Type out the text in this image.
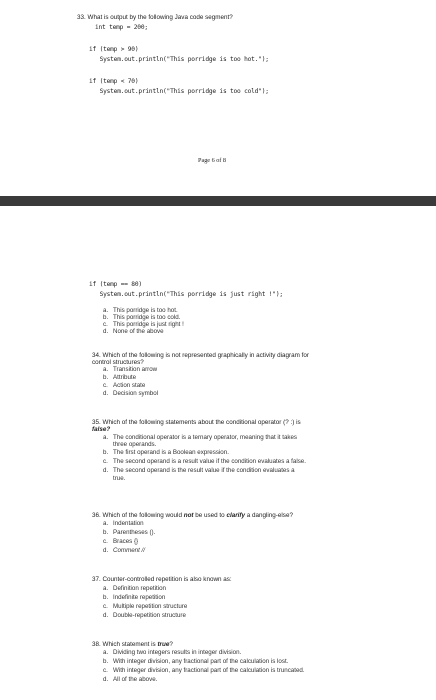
33. What is output by the following Java code segment?
int temp = 200;
if (temp > 90)
System.out.println("This porridge is too hot.");
if (temp < 70)
System.out.println("This porridge is too cold");
Page 6 of 8
if (temp == 80)
System.out.println("This porridge is just right !");
a. This porridge is too hot.
b. This porridge is too cold.
c. This porridge is just right !
d. None of the above
34. Which of the following is not represented graphically in activity diagram for
control structures?
a. Transition arrow
b. Attribute
c. Action state
d. Decision symbol
35. Which of the following statements about the conditional operator (? :) is
false?
a. The conditional operator is a ternary operator, meaning that it takes
three operands.
b. The first operand is a Boolean expression.
c. The second operand is a result value if the condition evaluates a false.
d. The second operand is the result value if the condition evaluates a
true.
36. Which of the following would not be used to clarify a dangling-else?
a. Indentation
b. Parentheses ().
c. Braces {}
d. Comment //
37. Counter-controlled repetition is also known as:
a. Definition repetition
b. Indefinite repetition
c. Multiple repetition structure
d. Double-repetition structure
38. Which statement is true?
a. Dividing two integers results in integer division.
b. With integer division, any fractional part of the calculation is lost.
c. With integer division, any fractional part of the calculation is truncated.
d. All of the above.
